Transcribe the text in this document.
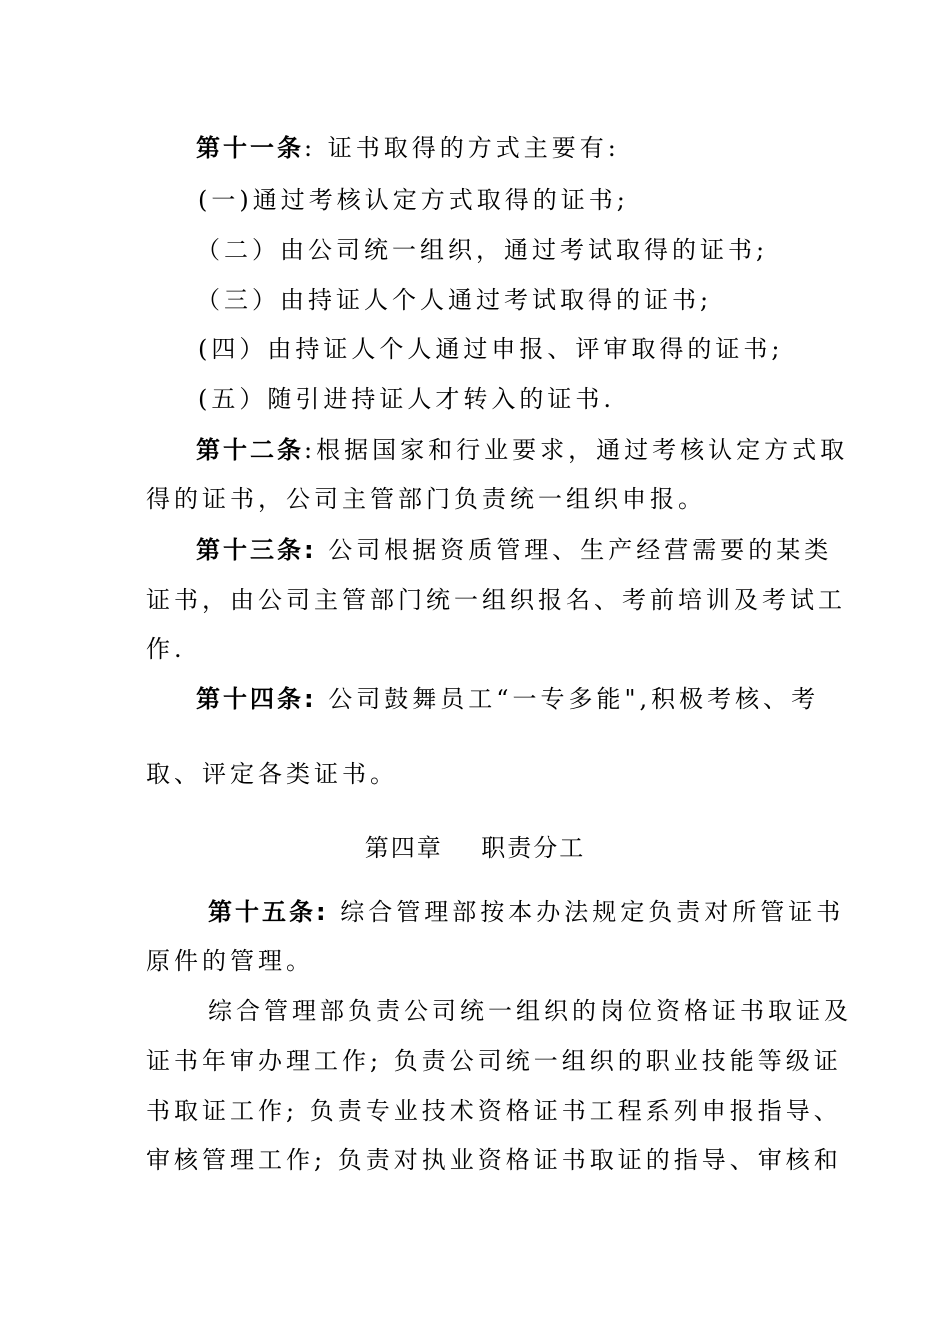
第十一条: 证书取得的方式主要有:
(一)通过考核认定方式取得的证书;
（二）由公司统一组织，通过考试取得的证书;
（三）由持证人个人通过考试取得的证书;
(四）由持证人个人通过申报、评审取得的证书;
(五）随引进持证人才转入的证书.
第十二条:根据国家和行业要求，通过考核认定方式取
得的证书，公司主管部门负责统一组织申报。
第十三条: 公司根据资质管理、生产经营需要的某类
证书，由公司主管部门统一组织报名、考前培训及考试工
作.
第十四条: 公司鼓舞员工“一专多能",积极考核、考
取、评定各类证书。
第四章    职责分工
第十五条: 综合管理部按本办法规定负责对所管证书
原件的管理。
综合管理部负责公司统一组织的岗位资格证书取证及
证书年审办理工作; 负责公司统一组织的职业技能等级证
书取证工作; 负责专业技术资格证书工程系列申报指导、
审核管理工作; 负责对执业资格证书取证的指导、审核和
